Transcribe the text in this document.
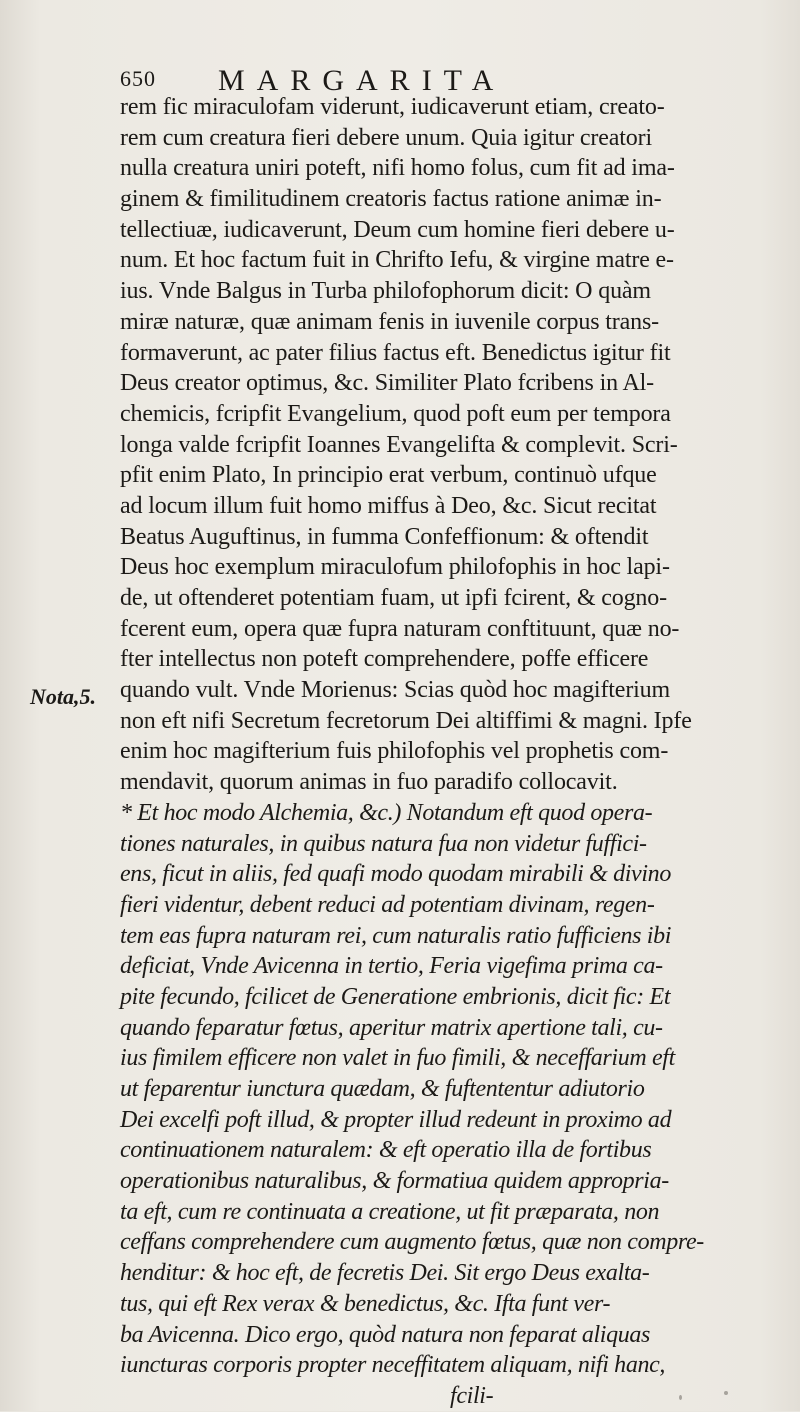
650 MARGARITA
Nota,5.
rem fic miraculofam viderunt, iudicaverunt etiam, creato-
rem cum creatura fieri debere unum. Quia igitur creatori
nulla creatura uniri poteft, nifi homo folus, cum fit ad ima-
ginem & fimilitudinem creatoris factus ratione animæ in-
tellectiuæ, iudicaverunt, Deum cum homine fieri debere u-
num. Et hoc factum fuit in Chrifto Iefu, & virgine matre e-
ius. Vnde Balgus in Turba philofophorum dicit: O quàm
miræ naturæ, quæ animam fenis in iuvenile corpus trans-
formaverunt, ac pater filius factus eft. Benedictus igitur fit
Deus creator optimus, &c. Similiter Plato fcribens in Al-
chemicis, fcripfit Evangelium, quod poft eum per tempora
longa valde fcripfit Ioannes Evangelifta & complevit. Scri-
pfit enim Plato, In principio erat verbum, continuò ufque
ad locum illum fuit homo miffus à Deo, &c. Sicut recitat
Beatus Auguftinus, in fumma Confeffionum: & oftendit
Deus hoc exemplum miraculofum philofophis in hoc lapi-
de, ut oftenderet potentiam fuam, ut ipfi fcirent, & cogno-
fcerent eum, opera quæ fupra naturam conftituunt, quæ no-
fter intellectus non poteft comprehendere, poffe efficere
quando vult. Vnde Morienus: Scias quòd hoc magifterium
non eft nifi Secretum fecretorum Dei altiffimi & magni. Ipfe
enim hoc magifterium fuis philofophis vel prophetis com-
mendavit, quorum animas in fuo paradifo collocavit.
* Et hoc modo Alchemia, &c.) Notandum eft quod opera-
tiones naturales, in quibus natura fua non videtur fuffici-
ens, ficut in aliis, fed quafi modo quodam mirabili & divino
fieri videntur, debent reduci ad potentiam divinam, regen-
tem eas fupra naturam rei, cum naturalis ratio fufficiens ibi
deficiat, Vnde Avicenna in tertio, Feria vigefima prima ca-
pite fecundo, fcilicet de Generatione embrionis, dicit fic: Et
quando feparatur fœtus, aperitur matrix apertione tali, cu-
ius fimilem efficere non valet in fuo fimili, & neceffarium eft
ut feparentur iunctura quædam, & fuftententur adiutorio
Dei excelfi poft illud, & propter illud redeunt in proximo ad
continuationem naturalem: & eft operatio illa de fortibus
operationibus naturalibus, & formatiua quidem appropria-
ta eft, cum re continuata a creatione, ut fit præparata, non
ceffans comprehendere cum augmento fœtus, quæ non compre-
henditur: & hoc eft, de fecretis Dei. Sit ergo Deus exalta-
tus, qui eft Rex verax & benedictus, &c. Ifta funt ver-
ba Avicenna. Dico ergo, quòd natura non feparat aliquas
iuncturas corporis propter neceffitatem aliquam, nifi hanc,
fcili-
